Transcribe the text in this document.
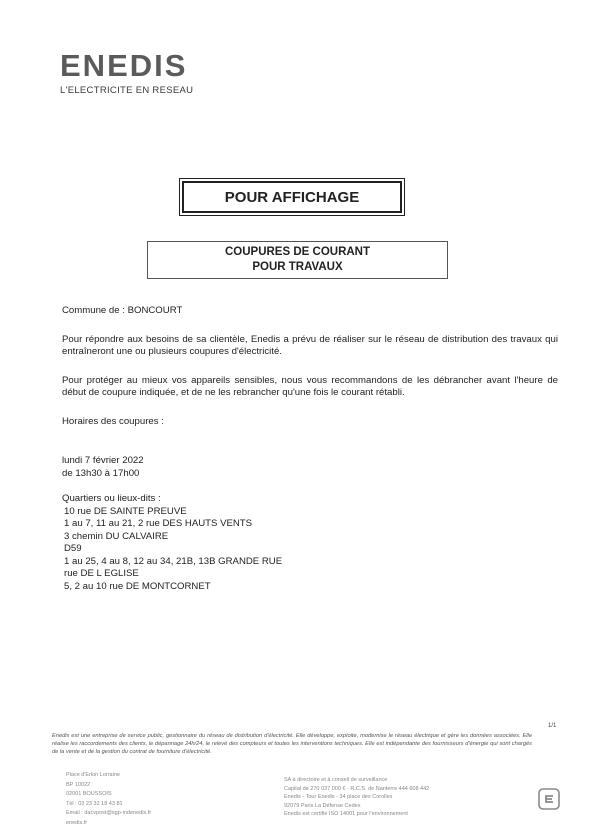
ENEDIS
L'ELECTRICITE EN RESEAU
POUR AFFICHAGE
COUPURES DE COURANT
POUR TRAVAUX

Commune de : BONCOURT

Pour répondre aux besoins de sa clientèle, Enedis a prévu de réaliser sur le réseau de distribution des travaux qui entraîneront une ou plusieurs coupures d'électricité.

Pour protéger au mieux vos appareils sensibles, nous vous recommandons de les débrancher avant l'heure de début de coupure indiquée, et de ne les rebrancher qu'une fois le courant rétabli.

Horaires des coupures :

lundi 7 février 2022

de 13h30 à 17h00

Quartiers ou lieux-dits :

10 rue DE SAINTE PREUVE

1 au 7, 11 au 21, 2 rue DES HAUTS VENTS

3 chemin DU CALVAIRE

D59

1 au 25, 4 au 8, 12 au 34, 21B, 13B GRANDE RUE

rue DE L EGLISE

5, 2 au 10 rue DE MONTCORNET

1/1
Enedis est une entreprise de service public, gestionnaire du réseau de distribution d'électricité. Elle développe, exploite, modernise le réseau électrique et gère les données associées. Elle réalise les raccordements des clients, le dépannage 24h/24, le relevé des compteurs et toutes les interventions techniques. Elle est indépendante des fournisseurs d'énergie qui sont chargés de la vente et de la gestion du contrat de fourniture d'électricité.
Place d'Erlon Lorraine
BP 10022
02001 BOUSSOIS
Tél : 03 23 32 18 43 81
Email : dacvpost@sgp-indenedis.fr
enedis.fr
SA à directoire et à conseil de surveillance
Capital de 270 037 000 € - R.C.S. de Nanterre 444 608 442
Enedis - Tour Enedis - 34 place des Corolles
92079 Paris La Défense Cedex
Enedis est certifié ISO 14001 pour l'environnement
